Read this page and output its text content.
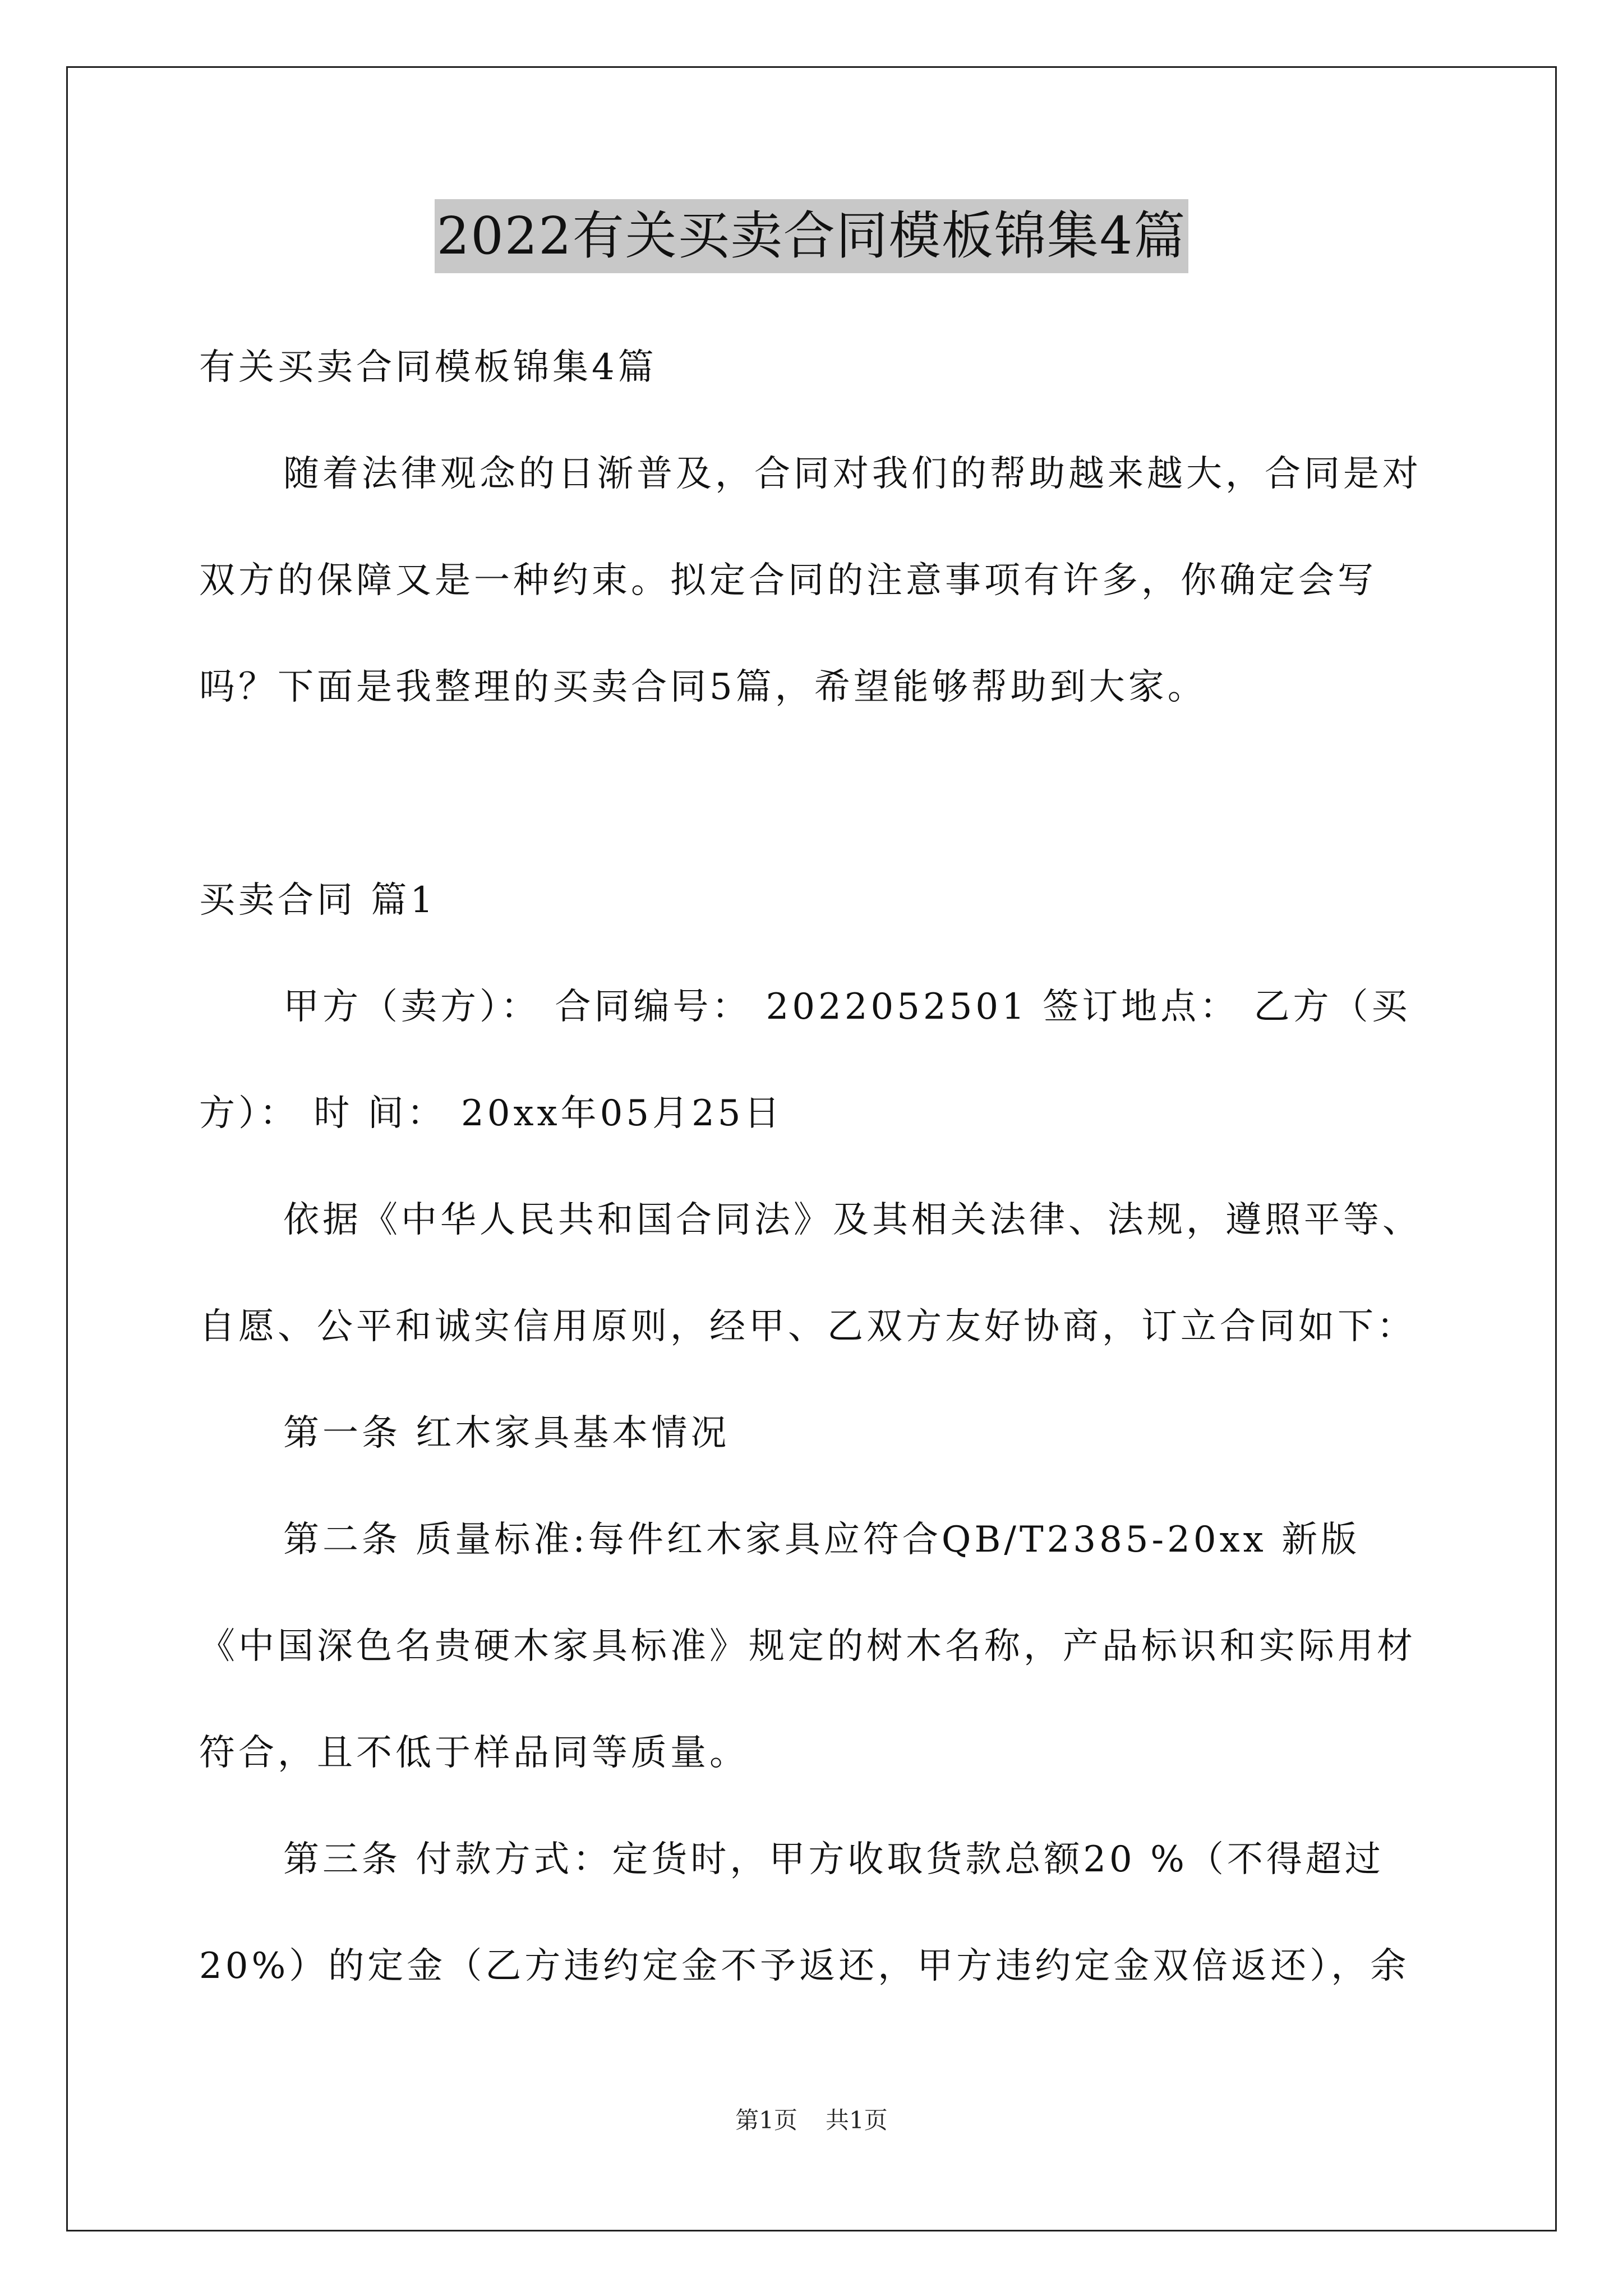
2022有关买卖合同模板锦集4篇

有关买卖合同模板锦集4篇

随着法律观念的日渐普及，合同对我们的帮助越来越大，合同是对双方的保障又是一种约束。拟定合同的注意事项有许多，你确定会写吗？下面是我整理的买卖合同5篇，希望能够帮助到大家。

买卖合同 篇1

甲方（卖方）： 合同编号： 2022052501 签订地点： 乙方（买方）： 时 间： 20xx年05月25日

依据《中华人民共和国合同法》及其相关法律、法规，遵照平等、自愿、公平和诚实信用原则，经甲、乙双方友好协商，订立合同如下：

第一条 红木家具基本情况

第二条 质量标准:每件红木家具应符合QB/T2385-20xx 新版《中国深色名贵硬木家具标准》规定的树木名称，产品标识和实际用材符合，且不低于样品同等质量。

第三条 付款方式：定货时，甲方收取货款总额20 %（不得超过20%）的定金（乙方违约定金不予返还，甲方违约定金双倍返还），余

第1页 共1页
